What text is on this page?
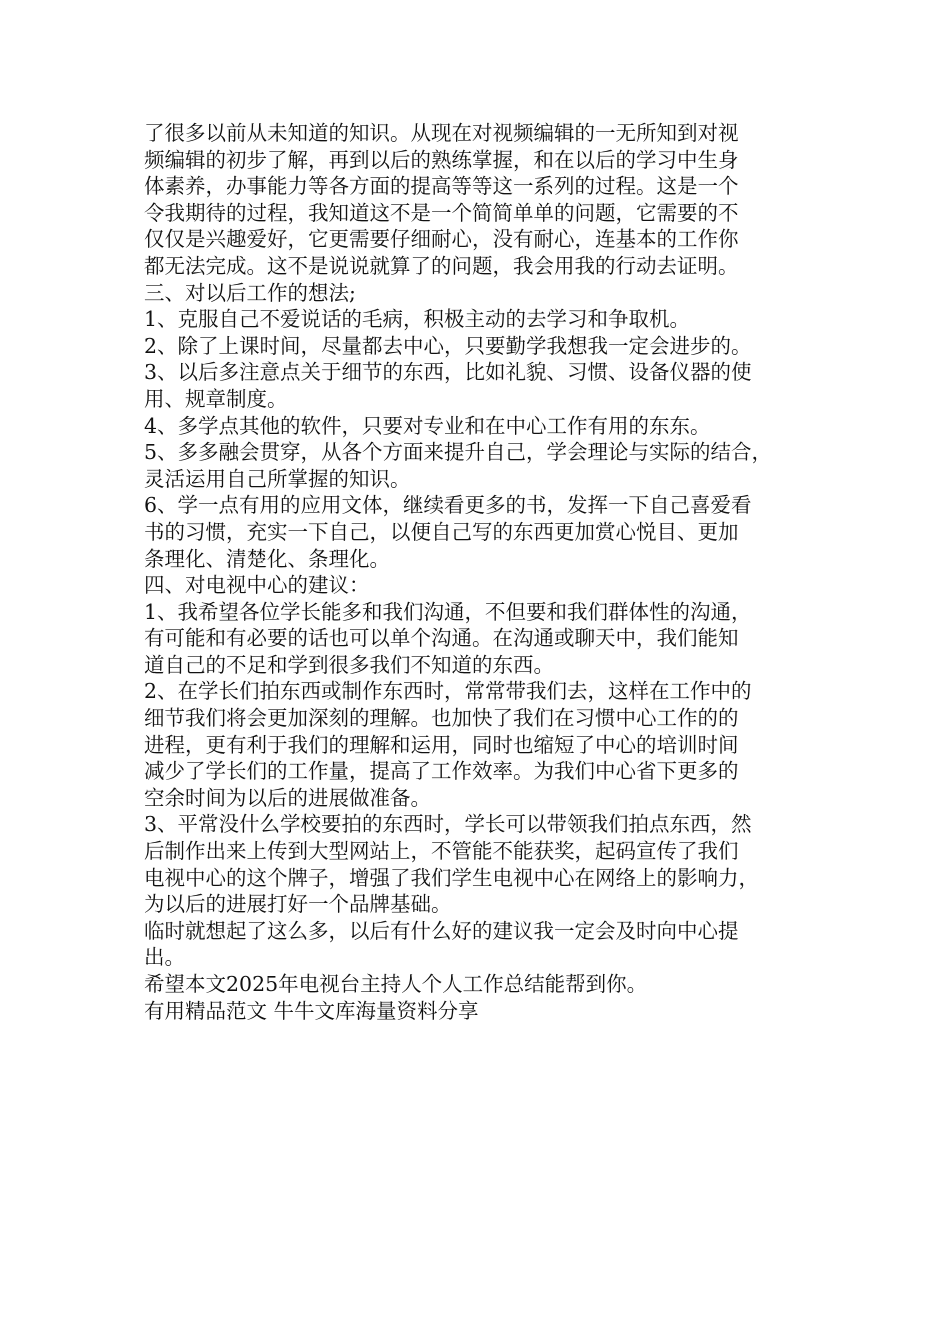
了很多以前从未知道的知识。从现在对视频编辑的一无所知到对视
频编辑的初步了解，再到以后的熟练掌握，和在以后的学习中生身
体素养，办事能力等各方面的提高等等这一系列的过程。这是一个
令我期待的过程，我知道这不是一个简简单单的问题，它需要的不
仅仅是兴趣爱好，它更需要仔细耐心，没有耐心，连基本的工作你
都无法完成。这不是说说就算了的问题，我会用我的行动去证明。
三、对以后工作的想法;
1、克服自己不爱说话的毛病，积极主动的去学习和争取机。
2、除了上课时间，尽量都去中心，只要勤学我想我一定会进步的。
3、以后多注意点关于细节的东西，比如礼貌、习惯、设备仪器的使
用、规章制度。
4、多学点其他的软件，只要对专业和在中心工作有用的东东。
5、多多融会贯穿，从各个方面来提升自己，学会理论与实际的结合，
灵活运用自己所掌握的知识。
6、学一点有用的应用文体，继续看更多的书，发挥一下自己喜爱看
书的习惯，充实一下自己，以便自己写的东西更加赏心悦目、更加
条理化、清楚化、条理化。
四、对电视中心的建议：
1、我希望各位学长能多和我们沟通，不但要和我们群体性的沟通，
有可能和有必要的话也可以单个沟通。在沟通或聊天中，我们能知
道自己的不足和学到很多我们不知道的东西。
2、在学长们拍东西或制作东西时，常常带我们去，这样在工作中的
细节我们将会更加深刻的理解。也加快了我们在习惯中心工作的的
进程，更有利于我们的理解和运用，同时也缩短了中心的培训时间
减少了学长们的工作量，提高了工作效率。为我们中心省下更多的
空余时间为以后的进展做准备。
3、平常没什么学校要拍的东西时，学长可以带领我们拍点东西，然
后制作出来上传到大型网站上，不管能不能获奖，起码宣传了我们
电视中心的这个牌子，增强了我们学生电视中心在网络上的影响力，
为以后的进展打好一个品牌基础。
临时就想起了这么多，以后有什么好的建议我一定会及时向中心提
出。
希望本文2025年电视台主持人个人工作总结能帮到你。
有用精品范文 牛牛文库海量资料分享
